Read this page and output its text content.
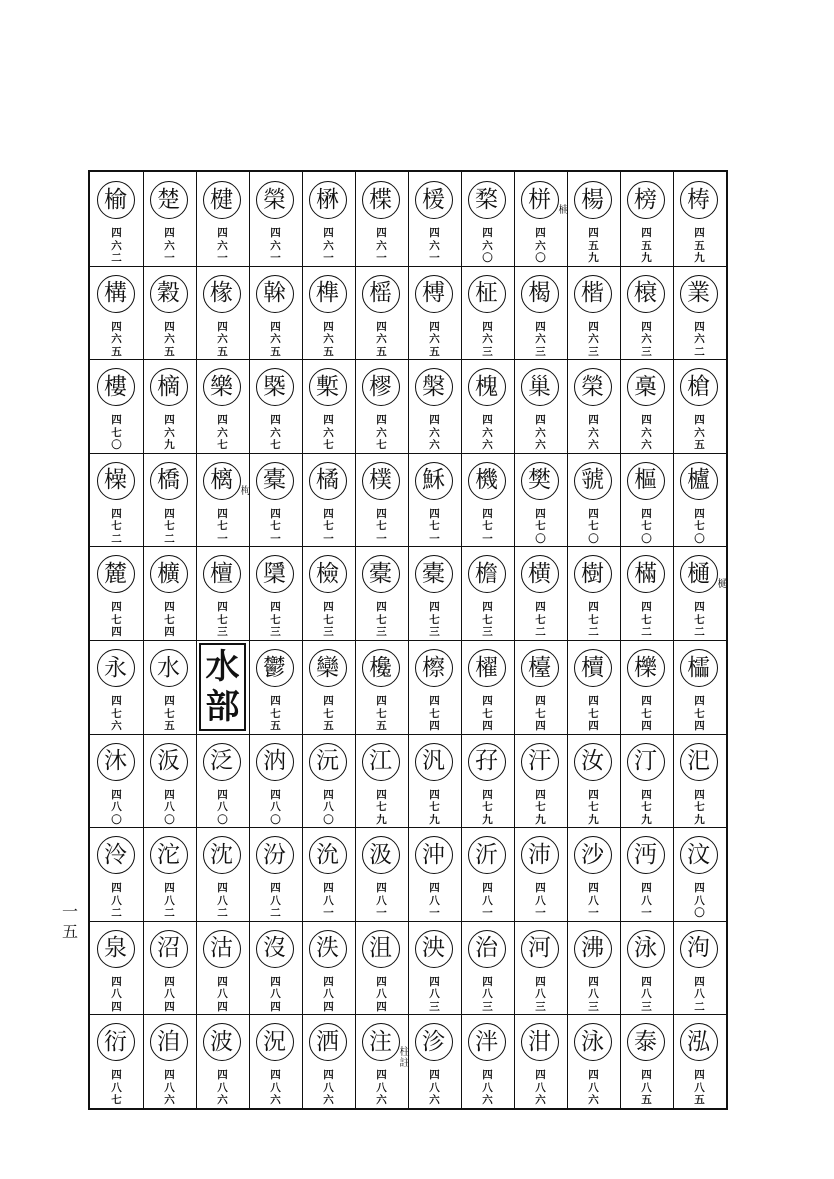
榆
四
六
二
楚
四
六
一
楗
四
六
一
榮
四
六
一
楙
四
六
一
楪
四
六
一
楥
四
六
一
楘
四
六
〇
栟
四
六
〇
楠 楊
四
五
九
榜
四
五
九
梼
四
五
九
構
四
六
五
穀
四
六
五
椽
四
六
五
榦
四
六
五
榫
四
六
五
榣
四
六
五
榑
四
六
五
柾
四
六
三
楬
四
六
三
楷
四
六
三
榱
四
六
三
業
四
六
二
樓
四
七
〇
樀
四
六
九
樂
四
六
七
槩
四
六
七
槧
四
六
七
樛
四
六
七
槃
四
六
六
槐
四
六
六
巢
四
六
六
榮
四
六
六
槀
四
六
六
槍
四
六
五
橾
四
七
二
橋
四
七
二
樆
四
七
一
栒 橐
四
七
一
橘
四
七
一
樸
四
七
一
穌
四
七
一
機
四
七
一
樊
四
七
〇
虢
四
七
〇
樞
四
七
〇
櫨
四
七
〇
麓
四
七
四
櫎
四
七
四
檀
四
七
三
檃
四
七
三
檢
四
七
三
橐
四
七
三
橐
四
七
三
檐
四
七
三
横
四
七
二
樹
四
七
二
樠
四
七
二
樋
四
七
二
樋
永
四
七
六
水
四
七
五
水
部
鬱
四
七
五
欒
四
七
五
欃
四
七
五
檫
四
七
四
櫂
四
七
四
檯
四
七
四
櫝
四
七
四
櫟
四
七
四
櫺
四
七
四
沐
四
八
〇
汳
四
八
〇
泛
四
八
〇
汭
四
八
〇
沅
四
八
〇
江
四
七
九
汎
四
七
九
孖
四
七
九
汗
四
七
九
汝
四
七
九
汀
四
七
九
汜
四
七
九
泠
四
八
二
沱
四
八
二
沈
四
八
二
汾
四
八
二
沇
四
八
一
汲
四
八
一
沖
四
八
一
沂
四
八
一
沛
四
八
一
沙
四
八
一
沔
四
八
一
汶
四
八
〇
泉
四
八
四
沼
四
八
四
沽
四
八
四
沒
四
八
四
泆
四
八
四
沮
四
八
四
泱
四
八
三
治
四
八
三
河
四
八
三
沸
四
八
三
泳
四
八
三
泃
四
八
二
衍
四
八
七
洎
四
八
六
波
四
八
六
況
四
八
六
洒
四
八
六
注
四
八
六
柱
註
沴
四
八
六
泮
四
八
六
泔
四
八
六
泳
四
八
六
泰
四
八
五
泓
四
八
五
一
五
